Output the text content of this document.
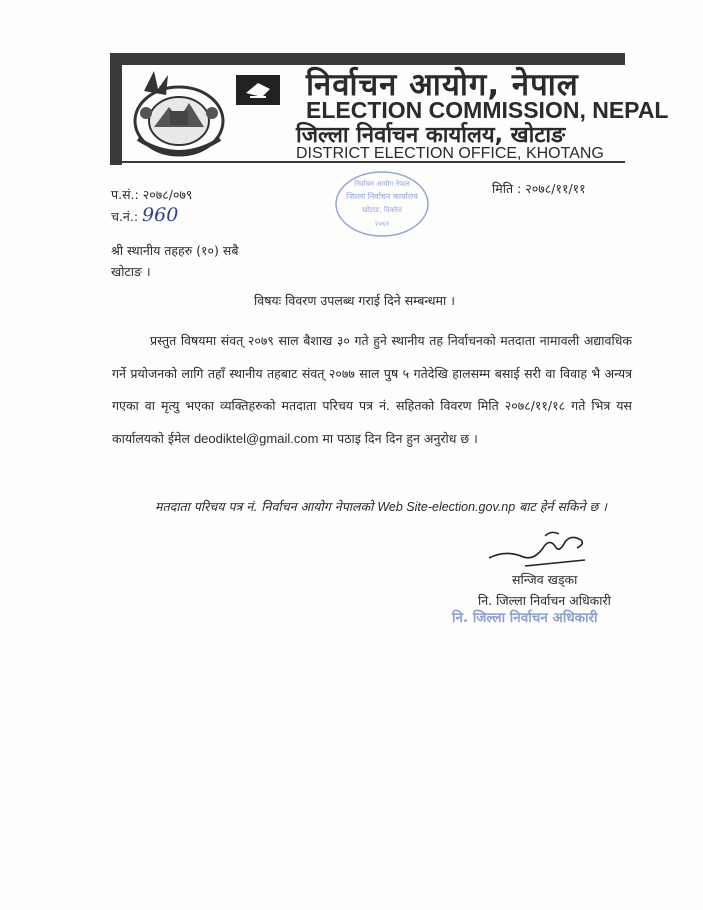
निर्वाचन आयोग, नेपाल
ELECTION COMMISSION, NEPAL
जिल्ला निर्वाचन कार्यालय, खोटाङ
DISTRICT ELECTION OFFICE, KHOTANG
प.सं.: २०७८/०७९
च.नं.: 960
निर्वाचन आयोग नेपाल
जिल्ला निर्वाचन कार्यालय
खोटाङ, दिक्तेल
२०६१
मिति : २०७८/११/११
श्री स्थानीय तहहरु (१०) सबै
खोटाङ ।
विषयः विवरण उपलब्ध गराई दिने सम्बन्धमा ।
प्रस्तुत विषयमा संवत् २०७९ साल बैशाख ३० गते हुने स्थानीय तह निर्वाचनको मतदाता नामावली अद्यावधिक गर्ने प्रयोजनको लागि तहाँ स्थानीय तहबाट संवत् २०७७ साल पुष ५ गतेदेखि हालसम्म बसाई सरी वा विवाह भै अन्यत्र गएका वा मृत्यु भएका व्यक्तिहरुको मतदाता परिचय पत्र नं. सहितको विवरण मिति २०७८/११/१८ गते भित्र यस कार्यालयको ईमेल deodiktel@gmail.com मा पठाइ दिन दिन हुन अनुरोध छ ।
मतदाता परिचय पत्र नं. निर्वाचन आयोग नेपालको Web Site-election.gov.np बाट हेर्न सकिने छ ।
सन्जिव खड्का
नि. जिल्ला निर्वाचन अधिकारी
नि. जिल्ला निर्वाचन अधिकारी
